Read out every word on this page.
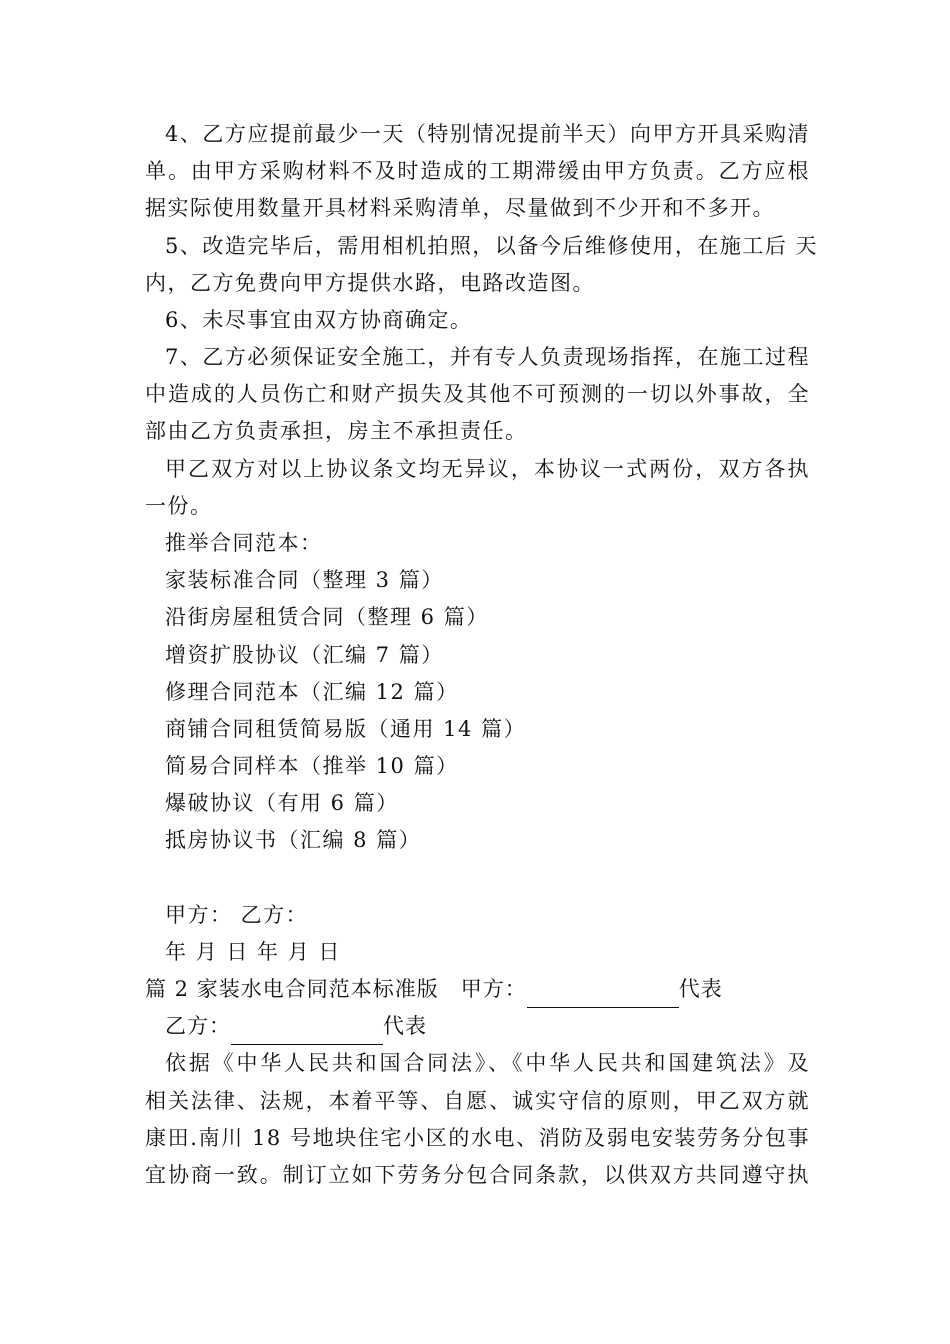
4、乙方应提前最少一天（特别情况提前半天）向甲方开具采购清
单。由甲方采购材料不及时造成的工期滞缓由甲方负责。乙方应根
据实际使用数量开具材料采购清单，尽量做到不少开和不多开。
5、改造完毕后，需用相机拍照，以备今后维修使用，在施工后 天
内，乙方免费向甲方提供水路，电路改造图。
6、未尽事宜由双方协商确定。
7、乙方必须保证安全施工，并有专人负责现场指挥，在施工过程
中造成的人员伤亡和财产损失及其他不可预测的一切以外事故，全
部由乙方负责承担，房主不承担责任。
甲乙双方对以上协议条文均无异议，本协议一式两份，双方各执
一份。
推举合同范本：
家装标准合同（整理 3 篇）
沿街房屋租赁合同（整理 6 篇）
增资扩股协议（汇编 7 篇）
修理合同范本（汇编 12 篇）
商铺合同租赁简易版（通用 14 篇）
简易合同样本（推举 10 篇）
爆破协议（有用 6 篇）
抵房协议书（汇编 8 篇）
甲方： 乙方：
年 月 日 年 月 日
篇 2 家装水电合同范本标准版 甲方：	代表
乙方：	代表
依据《中华人民共和国合同法》、《中华人民共和国建筑法》及
相关法律、法规，本着平等、自愿、诚实守信的原则，甲乙双方就
康田.南川 18 号地块住宅小区的水电、消防及弱电安装劳务分包事
宜协商一致。制订立如下劳务分包合同条款，以供双方共同遵守执
